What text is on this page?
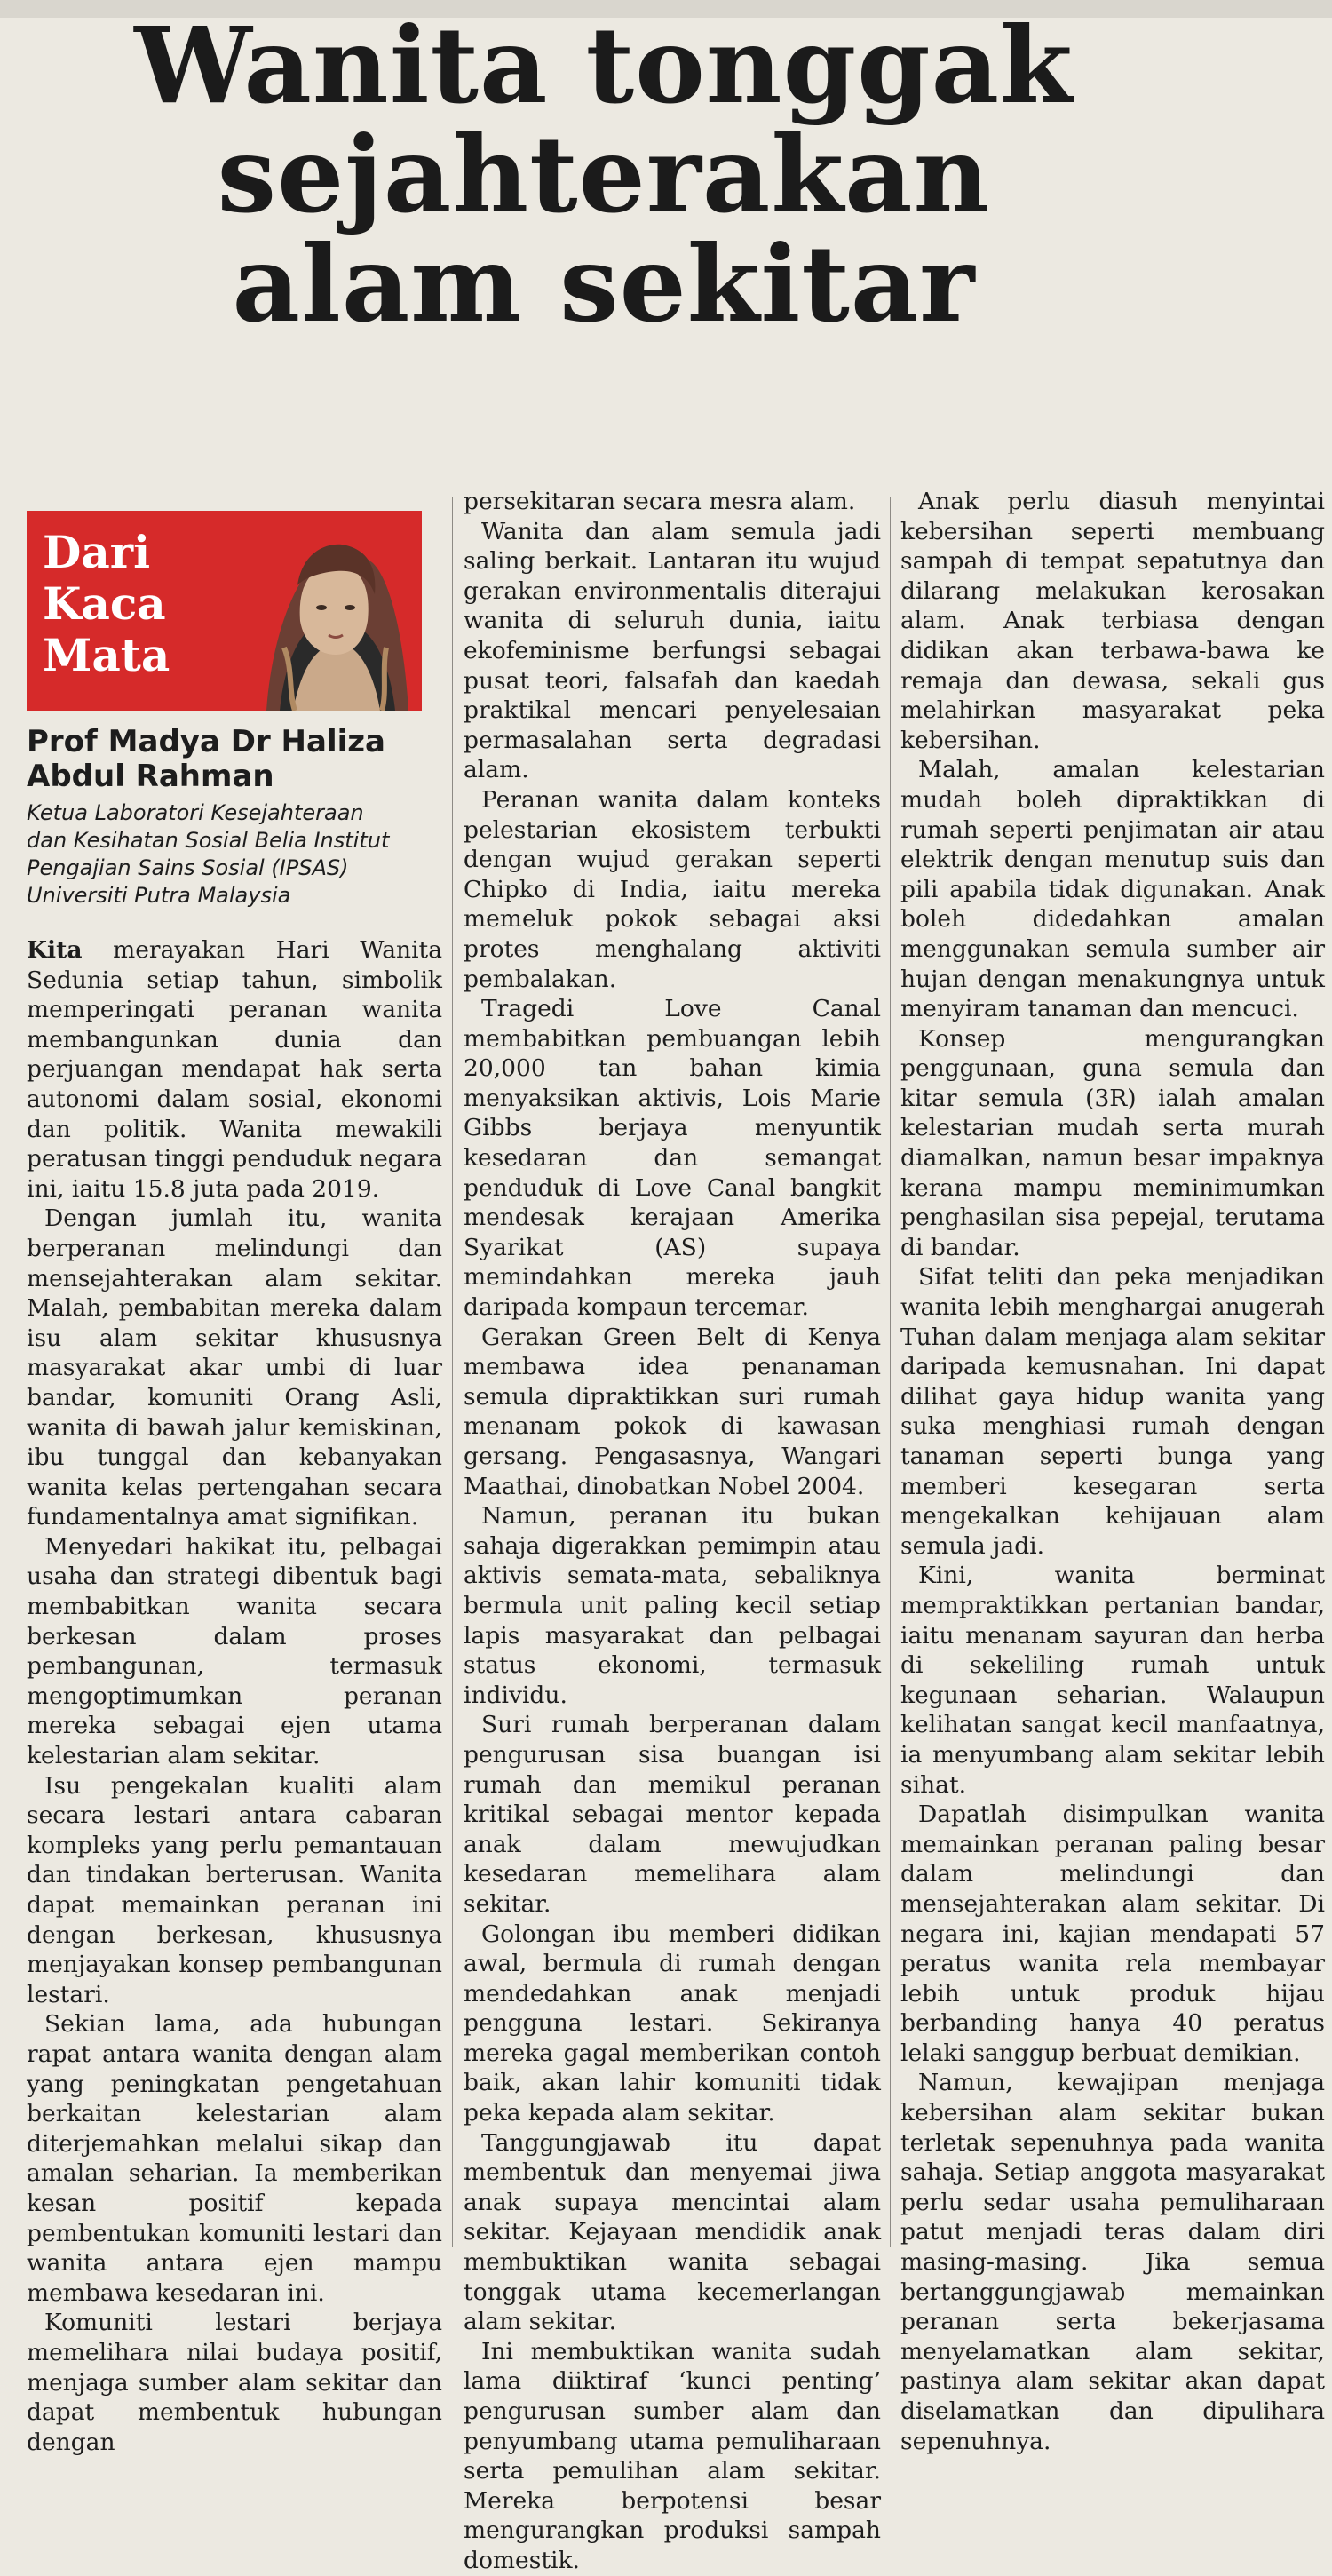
Wanita tonggak
sejahterakan
alam sekitar
Dari
Kaca
Mata
Prof Madya Dr Haliza
Abdul Rahman
Ketua Laboratori Kesejahteraan
dan Kesihatan Sosial Belia Institut
Pengajian Sains Sosial (IPSAS)
Universiti Putra Malaysia

Kita merayakan Hari Wanita Sedunia setiap tahun, simbolik memperingati peranan wanita membangunkan dunia dan perjuangan mendapat hak serta autonomi dalam sosial, ekonomi dan politik. Wanita mewakili peratusan tinggi penduduk negara ini, iaitu 15.8 juta pada 2019.

Dengan jumlah itu, wanita berperanan melindungi dan mensejahterakan alam sekitar. Malah, pembabitan mereka dalam isu alam sekitar khususnya masyarakat akar umbi di luar bandar, komuniti Orang Asli, wanita di bawah jalur kemiskinan, ibu tunggal dan kebanyakan wanita kelas pertengahan secara fundamentalnya amat signifikan.

Menyedari hakikat itu, pelbagai usaha dan strategi dibentuk bagi membabitkan wanita secara berkesan dalam proses pembangunan, termasuk mengoptimumkan peranan mereka sebagai ejen utama kelestarian alam sekitar.

Isu pengekalan kualiti alam secara lestari antara cabaran kompleks yang perlu pemantauan dan tindakan berterusan. Wanita dapat memainkan peranan ini dengan berkesan, khususnya menjayakan konsep pembangunan lestari.

Sekian lama, ada hubungan rapat antara wanita dengan alam yang peningkatan pengetahuan berkaitan kelestarian alam diterjemahkan melalui sikap dan amalan seharian. Ia memberikan kesan positif kepada pembentukan komuniti lestari dan wanita antara ejen mampu membawa kesedaran ini.

Komuniti lestari berjaya memelihara nilai budaya positif, menjaga sumber alam sekitar dan dapat membentuk hubungan dengan

persekitaran secara mesra alam.

Wanita dan alam semula jadi saling berkait. Lantaran itu wujud gerakan environmentalis diterajui wanita di seluruh dunia, iaitu ekofeminisme berfungsi sebagai pusat teori, falsafah dan kaedah praktikal mencari penyelesaian permasalahan serta degradasi alam.

Peranan wanita dalam konteks pelestarian ekosistem terbukti dengan wujud gerakan seperti Chipko di India, iaitu mereka memeluk pokok sebagai aksi protes menghalang aktiviti pembalakan.

Tragedi Love Canal membabitkan pembuangan lebih 20,000 tan bahan kimia menyaksikan aktivis, Lois Marie Gibbs berjaya menyuntik kesedaran dan semangat penduduk di Love Canal bangkit mendesak kerajaan Amerika Syarikat (AS) supaya memindahkan mereka jauh daripada kompaun tercemar.

Gerakan Green Belt di Kenya membawa idea penanaman semula dipraktikkan suri rumah menanam pokok di kawasan gersang. Pengasasnya, Wangari Maathai, dinobatkan Nobel 2004.

Namun, peranan itu bukan sahaja digerakkan pemimpin atau aktivis semata-mata, sebaliknya bermula unit paling kecil setiap lapis masyarakat dan pelbagai status ekonomi, termasuk individu.

Suri rumah berperanan dalam pengurusan sisa buangan isi rumah dan memikul peranan kritikal sebagai mentor kepada anak dalam mewujudkan kesedaran memelihara alam sekitar.

Golongan ibu memberi didikan awal, bermula di rumah dengan mendedahkan anak menjadi pengguna lestari. Sekiranya mereka gagal memberikan contoh baik, akan lahir komuniti tidak peka kepada alam sekitar.

Tanggungjawab itu dapat membentuk dan menyemai jiwa anak supaya mencintai alam sekitar. Kejayaan mendidik anak membuktikan wanita sebagai tonggak utama kecemerlangan alam sekitar.

Ini membuktikan wanita sudah lama diiktiraf ‘kunci penting’ pengurusan sumber alam dan penyumbang utama pemuliharaan serta pemulihan alam sekitar. Mereka berpotensi besar mengurangkan produksi sampah domestik.

Anak perlu diasuh menyintai kebersihan seperti membuang sampah di tempat sepatutnya dan dilarang melakukan kerosakan alam. Anak terbiasa dengan didikan akan terbawa-bawa ke remaja dan dewasa, sekali gus melahirkan masyarakat peka kebersihan.

Malah, amalan kelestarian mudah boleh dipraktikkan di rumah seperti penjimatan air atau elektrik dengan menutup suis dan pili apabila tidak digunakan. Anak boleh didedahkan amalan menggunakan semula sumber air hujan dengan menakungnya untuk menyiram tanaman dan mencuci.

Konsep mengurangkan penggunaan, guna semula dan kitar semula (3R) ialah amalan kelestarian mudah serta murah diamalkan, namun besar impaknya kerana mampu meminimumkan penghasilan sisa pepejal, terutama di bandar.

Sifat teliti dan peka menjadikan wanita lebih menghargai anugerah Tuhan dalam menjaga alam sekitar daripada kemusnahan. Ini dapat dilihat gaya hidup wanita yang suka menghiasi rumah dengan tanaman seperti bunga yang memberi kesegaran serta mengekalkan kehijauan alam semula jadi.

Kini, wanita berminat mempraktikkan pertanian bandar, iaitu menanam sayuran dan herba di sekeliling rumah untuk kegunaan seharian. Walaupun kelihatan sangat kecil manfaatnya, ia menyumbang alam sekitar lebih sihat.

Dapatlah disimpulkan wanita memainkan peranan paling besar dalam melindungi dan mensejahterakan alam sekitar. Di negara ini, kajian mendapati 57 peratus wanita rela membayar lebih untuk produk hijau berbanding hanya 40 peratus lelaki sanggup berbuat demikian.

Namun, kewajipan menjaga kebersihan alam sekitar bukan terletak sepenuhnya pada wanita sahaja. Setiap anggota masyarakat perlu sedar usaha pemuliharaan patut menjadi teras dalam diri masing-masing. Jika semua bertanggungjawab memainkan peranan serta bekerjasama menyelamatkan alam sekitar, pastinya alam sekitar akan dapat diselamatkan dan dipulihara sepenuhnya.
